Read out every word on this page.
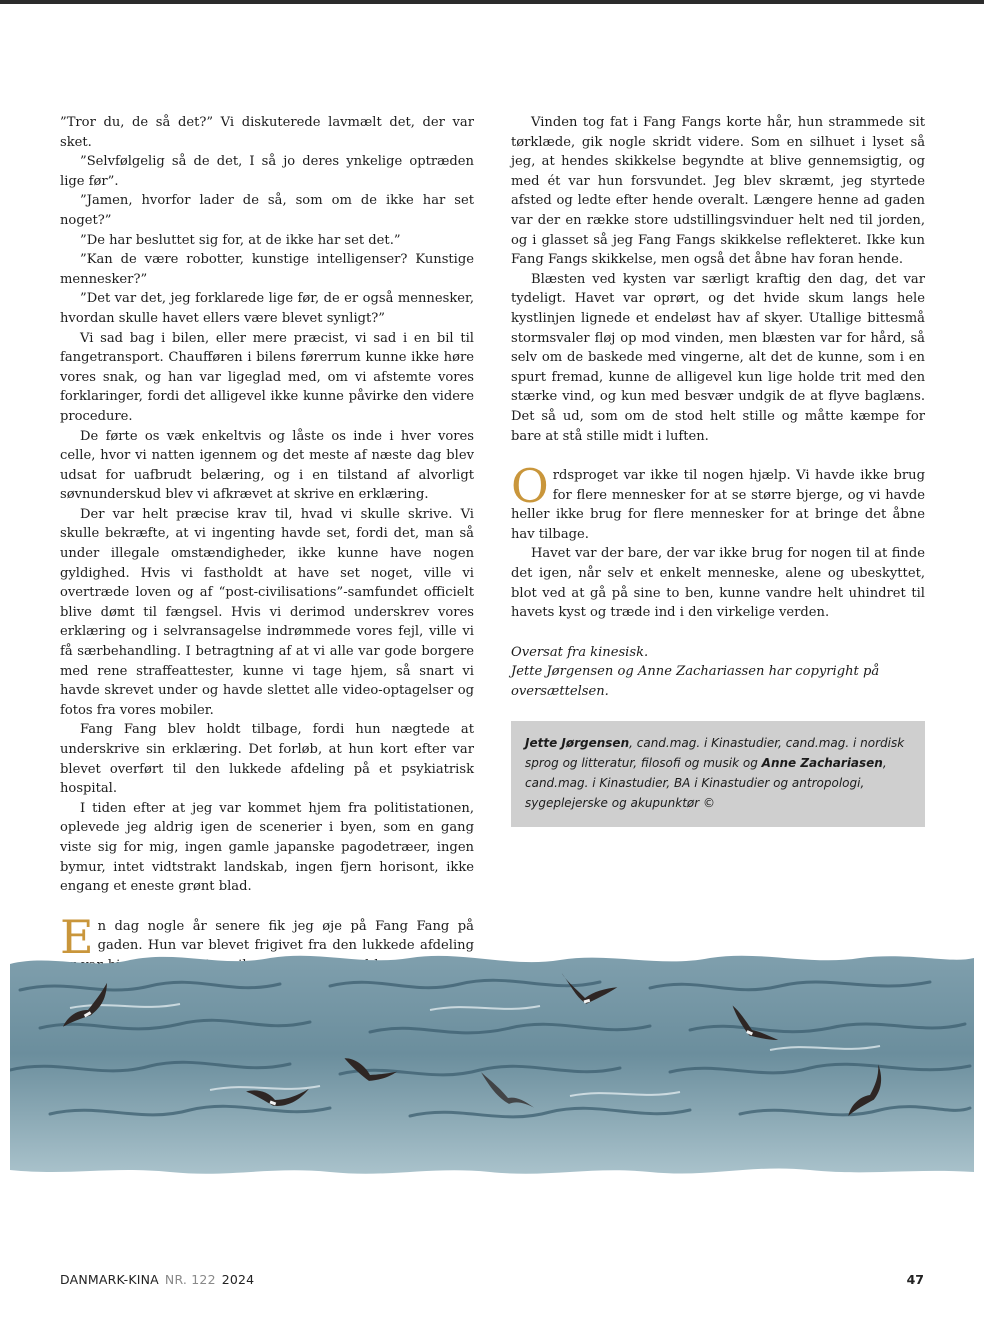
”Tror du, de så det?” Vi diskuterede lavmælt det, der var sket.

”Selvfølgelig så de det, I så jo deres ynkelige optræden lige før”.

”Jamen, hvorfor lader de så, som om de ikke har set noget?”

”De har besluttet sig for, at de ikke har set det.”

”Kan de være robotter, kunstige intelligenser? Kunstige mennesker?”

”Det var det, jeg forklarede lige før, de er også mennesker, hvordan skulle havet ellers være blevet synligt?”

Vi sad bag i bilen, eller mere præcist, vi sad i en bil til fangetransport. Chaufføren i bilens førerrum kunne ikke høre vores snak, og han var ligeglad med, om vi afstemte vores forklaringer, fordi det alligevel ikke kunne påvirke den videre procedure.

De førte os væk enkeltvis og låste os inde i hver vores celle, hvor vi natten igennem og det meste af næste dag blev udsat for uafbrudt belæring, og i en tilstand af alvorligt søvnunderskud blev vi afkrævet at skrive en erklæring.

Der var helt præcise krav til, hvad vi skulle skrive. Vi skulle bekræfte, at vi ingenting havde set, fordi det, man så under illegale omstændigheder, ikke kunne have nogen gyldighed. Hvis vi fastholdt at have set noget, ville vi overtræde loven og af “post-civilisations”-samfundet officielt blive dømt til fængsel. Hvis vi derimod underskrev vores erklæring og i selvransagelse indrømmede vores fejl, ville vi få særbehandling. I betragtning af at vi alle var gode borgere med rene straffeattester, kunne vi tage hjem, så snart vi havde skrevet under og havde slettet alle video-optagelser og fotos fra vores mobiler.

Fang Fang blev holdt tilbage, fordi hun nægtede at underskrive sin erklæring. Det forløb, at hun kort efter var blevet overført til den lukkede afdeling på et psykiatrisk hospital.

I tiden efter at jeg var kommet hjem fra politistationen, oplevede jeg aldrig igen de scenerier i byen, som en gang viste sig for mig, ingen gamle japanske pagodetræer, ingen bymur, intet vidtstrakt landskab, ingen fjern horisont, ikke engang et eneste grønt blad.

En dag nogle år senere fik jeg øje på Fang Fang på gaden. Hun var blevet frigivet fra den lukkede afdeling

Vinden tog fat i Fang Fangs korte hår, hun strammede sit tørklæde, gik nogle skridt videre. Som en silhuet i lyset så jeg, at hendes skikkelse begyndte at blive gennemsigtig, og med ét var hun forsvundet. Jeg blev skræmt, jeg styrtede afsted og ledte efter hende overalt. Længere henne ad gaden var der en række store udstillingsvinduer helt ned til jorden, og i glasset så jeg Fang Fangs skikkelse reflekteret. Ikke kun Fang Fangs skikkelse, men også det åbne hav foran hende.

Blæsten ved kysten var særligt kraftig den dag, det var tydeligt. Havet var oprørt, og det hvide skum langs hele kystlinjen lignede et endeløst hav af skyer. Utallige bittesmå stormsvaler fløj op mod vinden, men blæsten var for hård, så selv om de baskede med vingerne, alt det de kunne, som i en spurt fremad, kunne de alligevel kun lige holde trit med den stærke vind, og kun med besvær undgik de at flyve baglæns. Det så ud, som om de stod helt stille og måtte kæmpe for bare at stå stille midt i luften.

Ordsproget var ikke til nogen hjælp. Vi havde ikke brug for flere mennesker for at se større bjerge, og vi havde heller ikke brug for flere mennesker for at bringe det åbne hav tilbage.

Havet var der bare, der var ikke brug for nogen til at finde det igen, når selv et enkelt menneske, alene og ubeskyttet, blot ved at gå på sine to ben, kunne vandre helt uhindret til havets kyst og træde ind i den virkelige verden.

Oversat fra kinesisk.

Jette Jørgensen og Anne Zachariassen har copyright på oversættelsen.

Jette Jørgensen, cand.mag. i Kinastudier, cand.mag. i nordisk sprog og litteratur, filosofi og musik og Anne Zachariasen, cand.mag. i Kinastudier, BA i Kinastudier og antropologi, sygeplejerske og akupunktør ©
DANMARK-KINA NR. 122 2024	47
